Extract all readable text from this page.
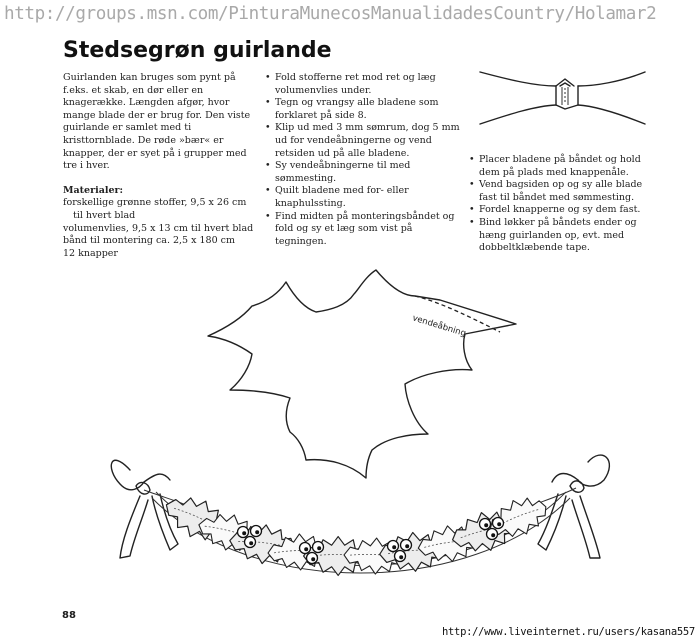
http://groups.msn.com/PinturaMunecosManualidadesCountry/Holamar2
Stedsegrøn guirlande

Guirlanden kan bruges som pynt på f.eks. et skab, en dør eller en knagerække. Længden afgør, hvor mange blade der er brug for. Den viste guirlande er samlet med ti kristtornblade. De røde »bær« er knapper, der er syet på i grupper med tre i hver.

Materialer:

forskellige grønne stoffer, 9,5 x 26 cm til hvert blad
volumenvlies, 9,5 x 13 cm til hvert blad
bånd til montering ca. 2,5 x 180 cm
12 knapper
• Fold stofferne ret mod ret og læg volumenvlies under.
• Tegn og vrangsy alle bladene som forklaret på side 8.
• Klip ud med 3 mm sømrum, dog 5 mm ud for vendeåbningerne og vend retsiden ud på alle bladene.
• Sy vendeåbningerne til med sømmesting.
• Quilt bladene med for- eller knaphulssting.
• Find midten på monteringsbåndet og fold og sy et læg som vist på tegningen.
• Placer bladene på båndet og hold dem på plads med knappenåle.
• Vend bagsiden op og sy alle blade fast til båndet med sømmesting.
• Fordel knapperne og sy dem fast.
• Bind løkker på båndets ender og hæng guirlanden op, evt. med dobbeltklæbende tape.
vendeåbning
88
http://www.liveinternet.ru/users/kasana557
